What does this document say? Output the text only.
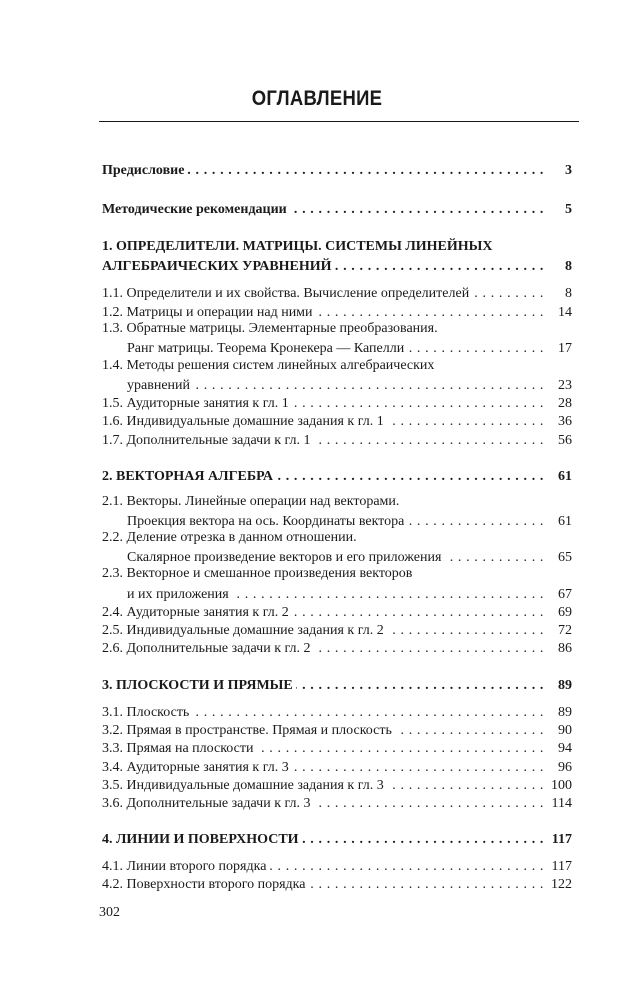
ОГЛАВЛЕНИЕ
Предисловие . . .	3
Методические рекомендации . . .	5
1. ОПРЕДЕЛИТЕЛИ. МАТРИЦЫ. СИСТЕМЫ ЛИНЕЙНЫХ
АЛГЕБРАИЧЕСКИХ УРАВНЕНИЙ . . .	8
1.1. Определители и их свойства. Вычисление определителей . . .	8
1.2. Матрицы и операции над ними . . .	14
1.3. Обратные матрицы. Элементарные преобразования.
Ранг матрицы. Теорема Кронекера — Капелли . . .	17
1.4. Методы решения систем линейных алгебраических
уравнений . . .	23
1.5. Аудиторные занятия к гл. 1 . . .	28
1.6. Индивидуальные домашние задания к гл. 1 . . .	36
1.7. Дополнительные задачи к гл. 1 . . .	56
2. ВЕКТОРНАЯ АЛГЕБРА . . .	61
2.1. Векторы. Линейные операции над векторами.
Проекция вектора на ось. Координаты вектора . . .	61
2.2. Деление отрезка в данном отношении.
Скалярное произведение векторов и его приложения . . .	65
2.3. Векторное и смешанное произведения векторов
и их приложения . . .	67
2.4. Аудиторные занятия к гл. 2 . . .	69
2.5. Индивидуальные домашние задания к гл. 2 . . .	72
2.6. Дополнительные задачи к гл. 2 . . .	86
3. ПЛОСКОСТИ И ПРЯМЫЕ . . .	89
3.1. Плоскость . . .	89
3.2. Прямая в пространстве. Прямая и плоскость . . .	90
3.3. Прямая на плоскости . . .	94
3.4. Аудиторные занятия к гл. 3 . . .	96
3.5. Индивидуальные домашние задания к гл. 3 . . .	100
3.6. Дополнительные задачи к гл. 3 . . .	114
4. ЛИНИИ И ПОВЕРХНОСТИ . . .	117
4.1. Линии второго порядка . . .	117
4.2. Поверхности второго порядка . . .	122
302
